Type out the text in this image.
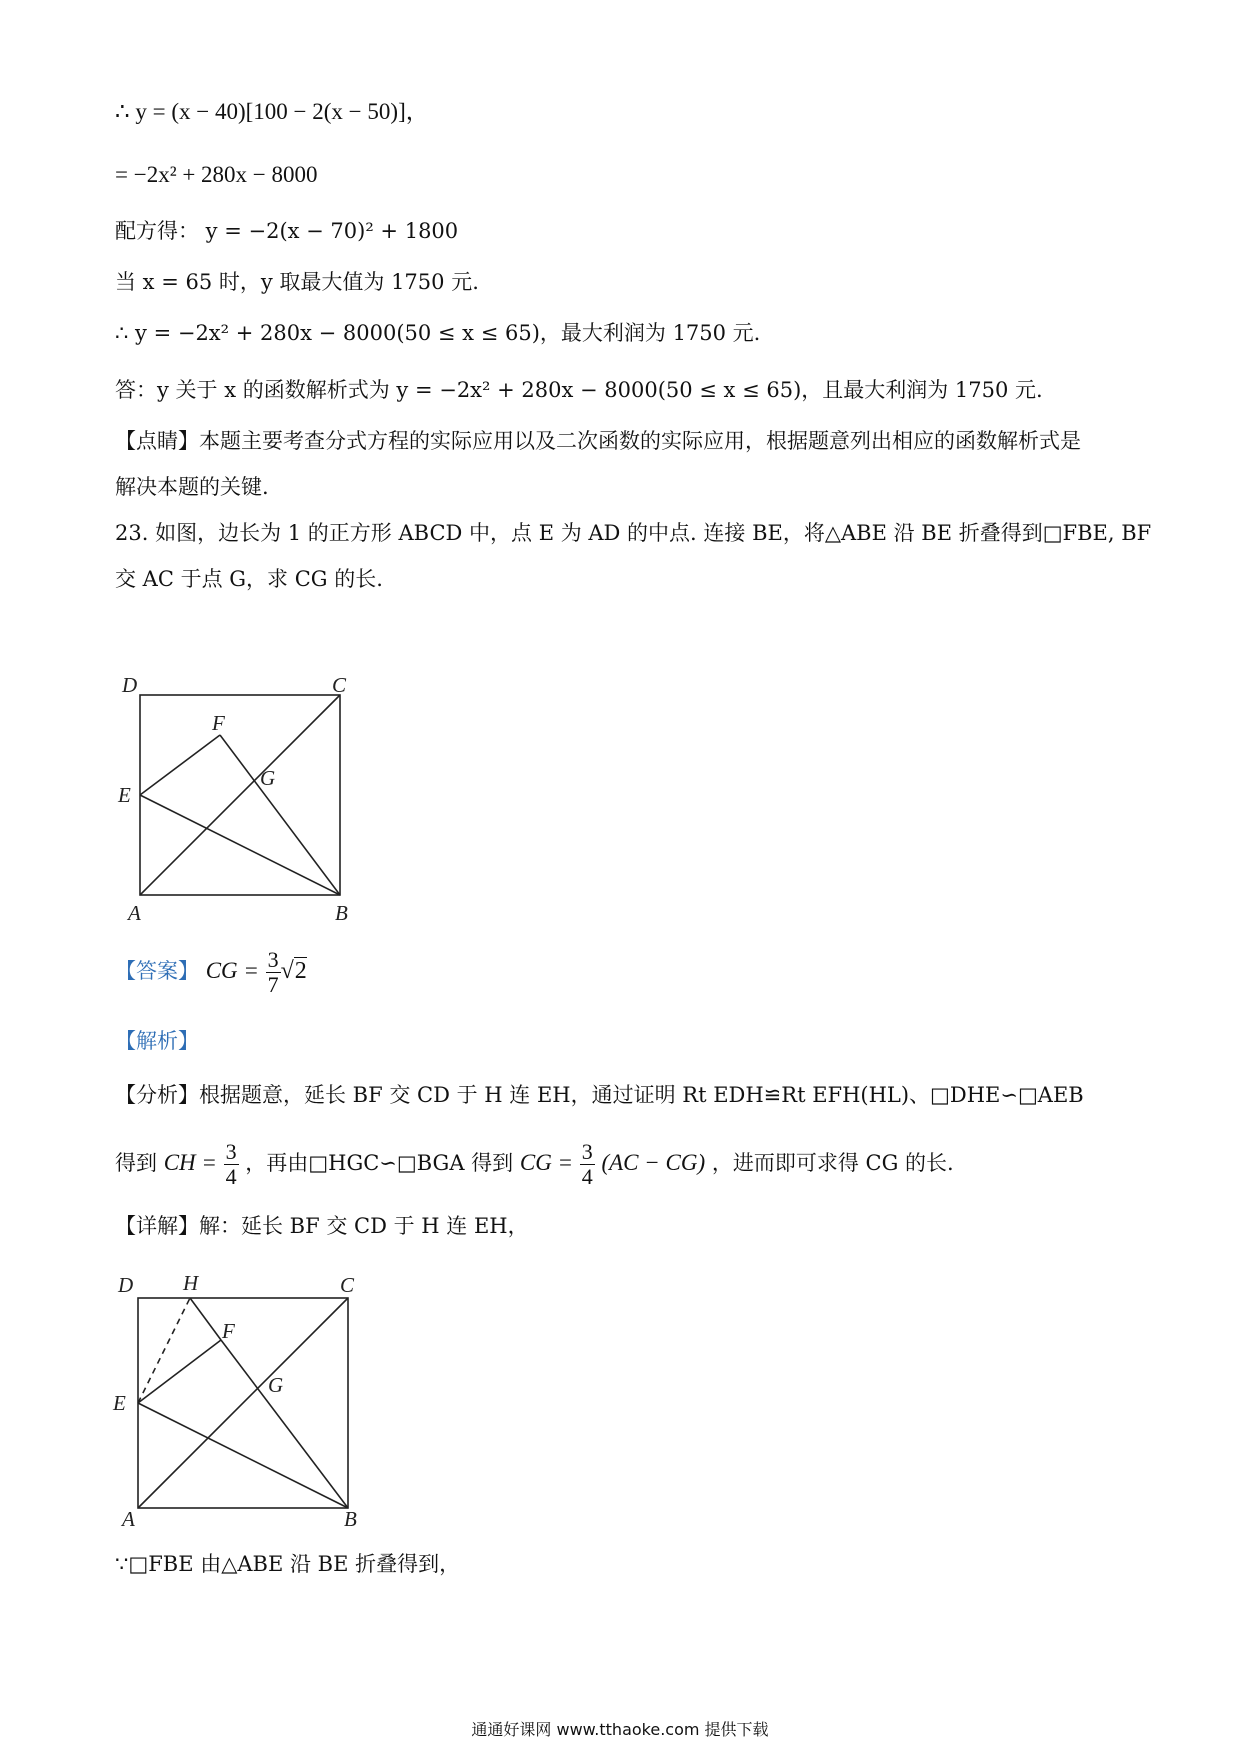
∴ y = (x − 40)[100 − 2(x − 50)]，
= −2x² + 280x − 8000
配方得： y = −2(x − 70)² + 1800
当 x = 65 时，y 取最大值为 1750 元.
∴ y = −2x² + 280x − 8000(50 ≤ x ≤ 65)，最大利润为 1750 元.
答：y 关于 x 的函数解析式为 y = −2x² + 280x − 8000(50 ≤ x ≤ 65)，且最大利润为 1750 元.
【点睛】本题主要考查分式方程的实际应用以及二次函数的实际应用，根据题意列出相应的函数解析式是
解决本题的关键.
23. 如图，边长为 1 的正方形 ABCD 中，点 E 为 AD 的中点. 连接 BE，将△ABE 沿 BE 折叠得到□FBE, BF
交 AC 于点 G，求 CG 的长.
D	C
F
G
E
A	B
【答案】 CG = $\frac{3}{7} √2$
【解析】
【分析】根据题意，延长 BF 交 CD 于 H 连 EH，通过证明 Rt EDH≌Rt EFH(HL)、□DHE∽□AEB
得到 CH = $\frac{3}{4}$ ，再由□HGC∽□BGA 得到 CG = $\frac{3}{4} (AC - CG)$ ，进而即可求得 CG 的长.
【详解】解：延长 BF 交 CD 于 H 连 EH，
D H	C
F
G
E
A	B
∵□FBE 由△ABE 沿 BE 折叠得到，
通通好课网 www.tthaoke.com 提供下载
